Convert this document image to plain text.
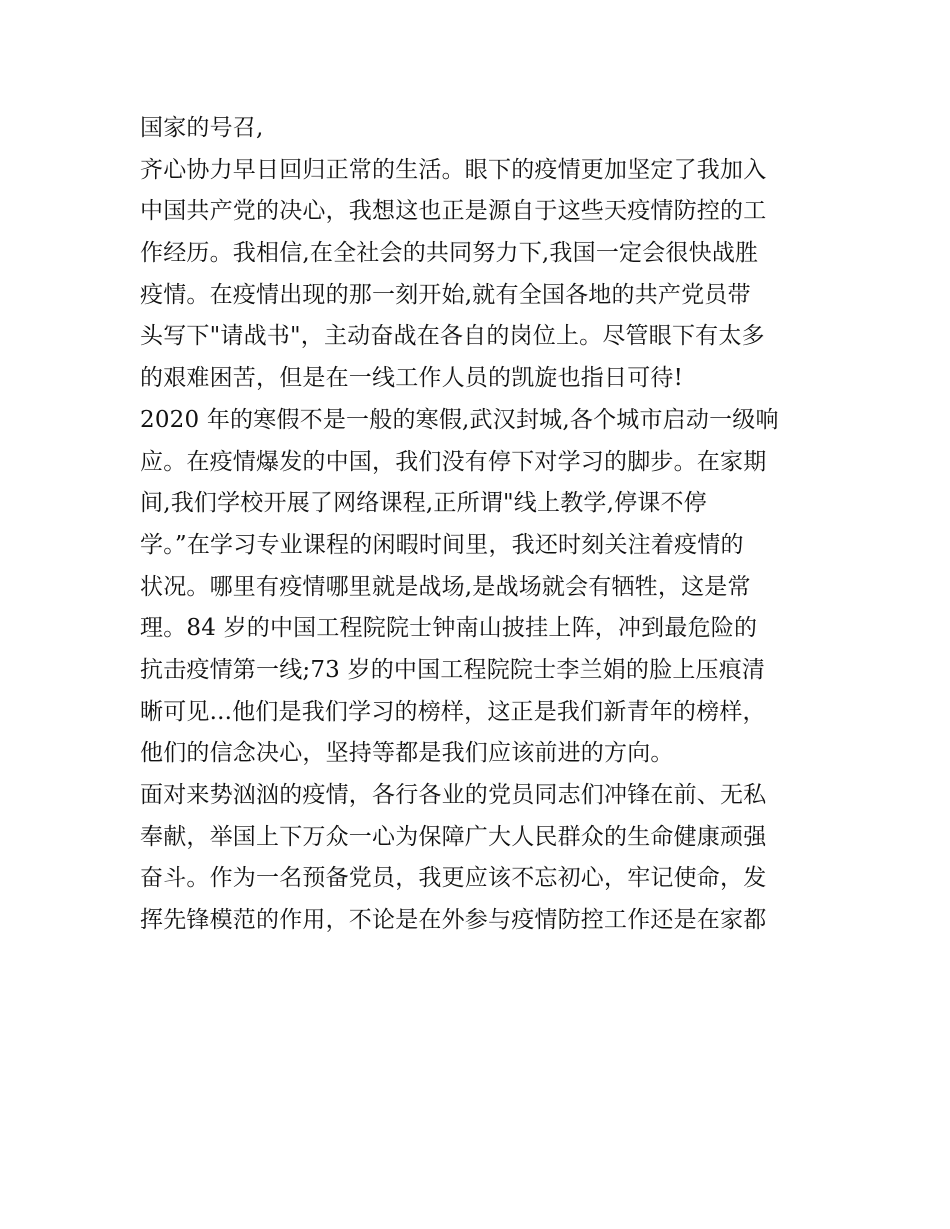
国家的号召,
齐心协力早日回归正常的生活。眼下的疫情更加坚定了我加入
中国共产党的决心，我想这也正是源自于这些天疫情防控的工
作经历。我相信,在全社会的共同努力下,我国一定会很快战胜
疫情。在疫情出现的那一刻开始,就有全国各地的共产党员带
头写下"请战书"，主动奋战在各自的岗位上。尽管眼下有太多
的艰难困苦，但是在一线工作人员的凯旋也指日可待!
2020 年的寒假不是一般的寒假,武汉封城,各个城市启动一级响
应。在疫情爆发的中国，我们没有停下对学习的脚步。在家期
间,我们学校开展了网络课程,正所谓"线上教学,停课不停
学。”在学习专业课程的闲暇时间里，我还时刻关注着疫情的
状况。哪里有疫情哪里就是战场,是战场就会有牺牲，这是常
理。84 岁的中国工程院院士钟南山披挂上阵，冲到最危险的
抗击疫情第一线;73 岁的中国工程院院士李兰娟的脸上压痕清
晰可见...他们是我们学习的榜样，这正是我们新青年的榜样，
他们的信念决心，坚持等都是我们应该前进的方向。
面对来势汹汹的疫情，各行各业的党员同志们冲锋在前、无私
奉献，举国上下万众一心为保障广大人民群众的生命健康顽强
奋斗。作为一名预备党员，我更应该不忘初心，牢记使命，发
挥先锋模范的作用，不论是在外参与疫情防控工作还是在家都
